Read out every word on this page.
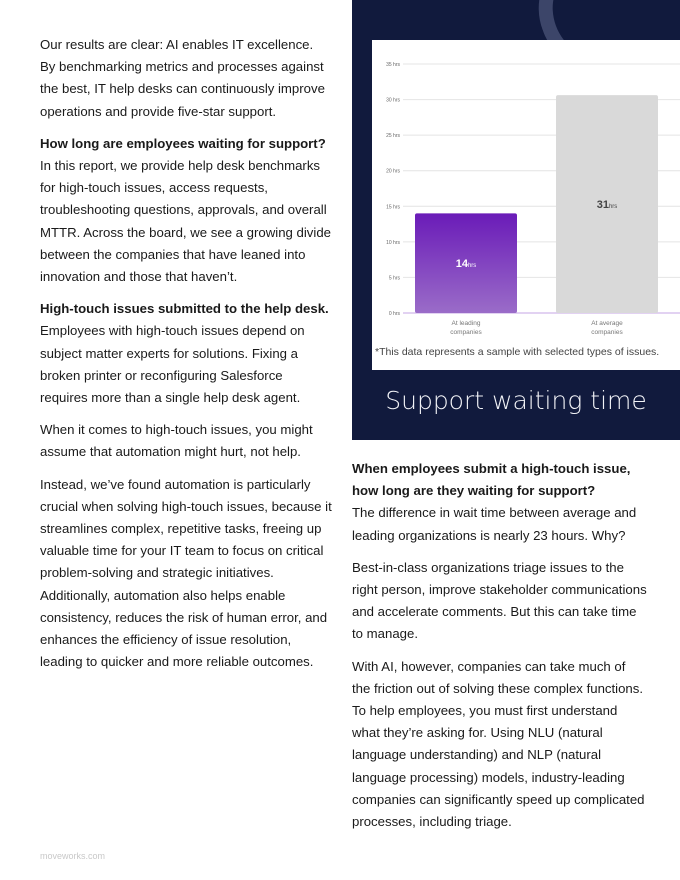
Our results are clear: AI enables IT excellence. By benchmarking metrics and processes against the best, IT help desks can continuously improve operations and provide five-star support.

How long are employees waiting for support?
In this report, we provide help desk benchmarks for high-touch issues, access requests, troubleshooting questions, approvals, and overall MTTR. Across the board, we see a growing divide between the companies that have leaned into innovation and those that haven’t.

High-touch issues submitted to the help desk.
Employees with high-touch issues depend on subject matter experts for solutions. Fixing a broken printer or reconfiguring Salesforce requires more than a single help desk agent.

When it comes to high-touch issues, you might assume that automation might hurt, not help.

Instead, we’ve found automation is particularly crucial when solving high-touch issues, because it streamlines complex, repetitive tasks, freeing up valuable time for your IT team to focus on critical problem-solving and strategic initiatives. Additionally, automation also helps enable consistency, reduces the risk of human error, and enhances the efficiency of issue resolution, leading to quicker and more reliable outcomes.

0 hrs
5 hrs
10 hrs
15 hrs
20 hrs
25 hrs
30 hrs
35 hrs
14hrs
At leading
companies
31hrs
At average
companies
*This data represents a sample with selected types of issues.
Support waiting time

When employees submit a high-touch issue, how long are they waiting for support?
The difference in wait time between average and leading organizations is nearly 23 hours. Why?

Best-in-class organizations triage issues to the right person, improve stakeholder communications and accelerate comments. But this can take time to manage.

With AI, however, companies can take much of the friction out of solving these complex functions. To help employees, you must first understand what they’re asking for. Using NLU (natural language understanding) and NLP (natural language processing) models, industry-leading companies can significantly speed up complicated processes, including triage.

moveworks.com
